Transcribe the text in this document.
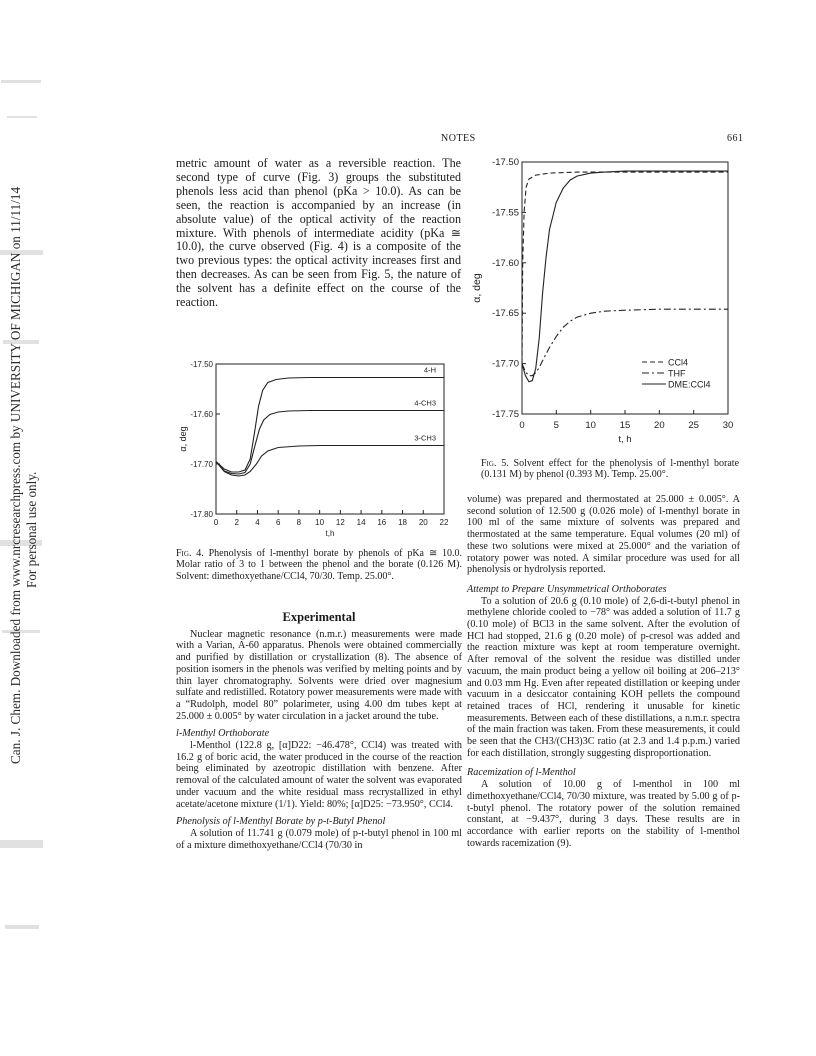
Can. J. Chem. Downloaded from www.nrcresearchpress.com by UNIVERSITY OF MICHIGAN on 11/11/14 For personal use only.
NOTES	661
metric amount of water as a reversible reaction. The second type of curve (Fig. 3) groups the substituted phenols less acid than phenol (pKa > 10.0). As can be seen, the reaction is accompanied by an increase (in absolute value) of the optical activity of the reaction mixture. With phenols of intermediate acidity (pKa ≅ 10.0), the curve observed (Fig. 4) is a composite of the two previous types: the optical activity increases first and then decreases. As can be seen from Fig. 5, the nature of the solvent has a definite effect on the course of the reaction.
0 2 4 6 8 10 12 14 16 18 20 22
-17.80
-17.70
-17.60
-17.50
t,h
α, deg	3-CH3
4-CH3
4-H
Fig. 4. Phenolysis of l-menthyl borate by phenols of pKa ≅ 10.0. Molar ratio of 3 to 1 between the phenol and the borate (0.126 M). Solvent: dimethoxyethane/CCl4, 70/30. Temp. 25.00°.

Experimental

Nuclear magnetic resonance (n.m.r.) measurements were made with a Varian, A-60 apparatus. Phenols were obtained commercially and purified by distillation or crystallization (8). The absence of position isomers in the phenols was verified by melting points and by thin layer chromatography. Solvents were dried over magnesium sulfate and redistilled. Rotatory power measurements were made with a “Rudolph, model 80” polarimeter, using 4.00 dm tubes kept at 25.000 ± 0.005° by water circulation in a jacket around the tube.

l-Menthyl Orthoborate

l-Menthol (122.8 g, [α]D22: −46.478°, CCl4) was treated with 16.2 g of boric acid, the water produced in the course of the reaction being eliminated by azeotropic distillation with benzene. After removal of the calculated amount of water the solvent was evaporated under vacuum and the white residual mass recrystallized in ethyl acetate/acetone mixture (1/1). Yield: 80%; [α]D25: −73.950°, CCl4.

Phenolysis of l-Menthyl Borate by p-t-Butyl Phenol

A solution of 11.741 g (0.079 mole) of p-t-butyl phenol in 100 ml of a mixture dimethoxyethane/CCl4 (70/30 in

0	5	10	15	20	25	30
-17.50
-17.55
-17.60
-17.65
-17.70
-17.75
t, h
α, deg
CCl4
THF
DME:CCl4
Fig. 5. Solvent effect for the phenolysis of l-menthyl borate (0.131 M) by phenol (0.393 M). Temp. 25.00°.

volume) was prepared and thermostated at 25.000 ± 0.005°. A second solution of 12.500 g (0.026 mole) of l-menthyl borate in 100 ml of the same mixture of solvents was prepared and thermostated at the same temperature. Equal volumes (20 ml) of these two solutions were mixed at 25.000° and the variation of rotatory power was noted. A similar procedure was used for all phenolysis or hydrolysis reported.

Attempt to Prepare Unsymmetrical Orthoborates

To a solution of 20.6 g (0.10 mole) of 2,6-di-t-butyl phenol in methylene chloride cooled to −78° was added a solution of 11.7 g (0.10 mole) of BCl3 in the same solvent. After the evolution of HCl had stopped, 21.6 g (0.20 mole) of p-cresol was added and the reaction mixture was kept at room temperature overnight. After removal of the solvent the residue was distilled under vacuum, the main product being a yellow oil boiling at 206–213° and 0.03 mm Hg. Even after repeated distillation or keeping under vacuum in a desiccator containing KOH pellets the compound retained traces of HCl, rendering it unusable for kinetic measurements. Between each of these distillations, a n.m.r. spectra of the main fraction was taken. From these measurements, it could be seen that the CH3/(CH3)3C ratio (at 2.3 and 1.4 p.p.m.) varied for each distillation, strongly suggesting disproportionation.

Racemization of l-Menthol

A solution of 10.00 g of l-menthol in 100 ml dimethoxyethane/CCl4, 70/30 mixture, was treated by 5.00 g of p-t-butyl phenol. The rotatory power of the solution remained constant, at −9.437°, during 3 days. These results are in accordance with earlier reports on the stability of l-menthol towards racemization (9).
